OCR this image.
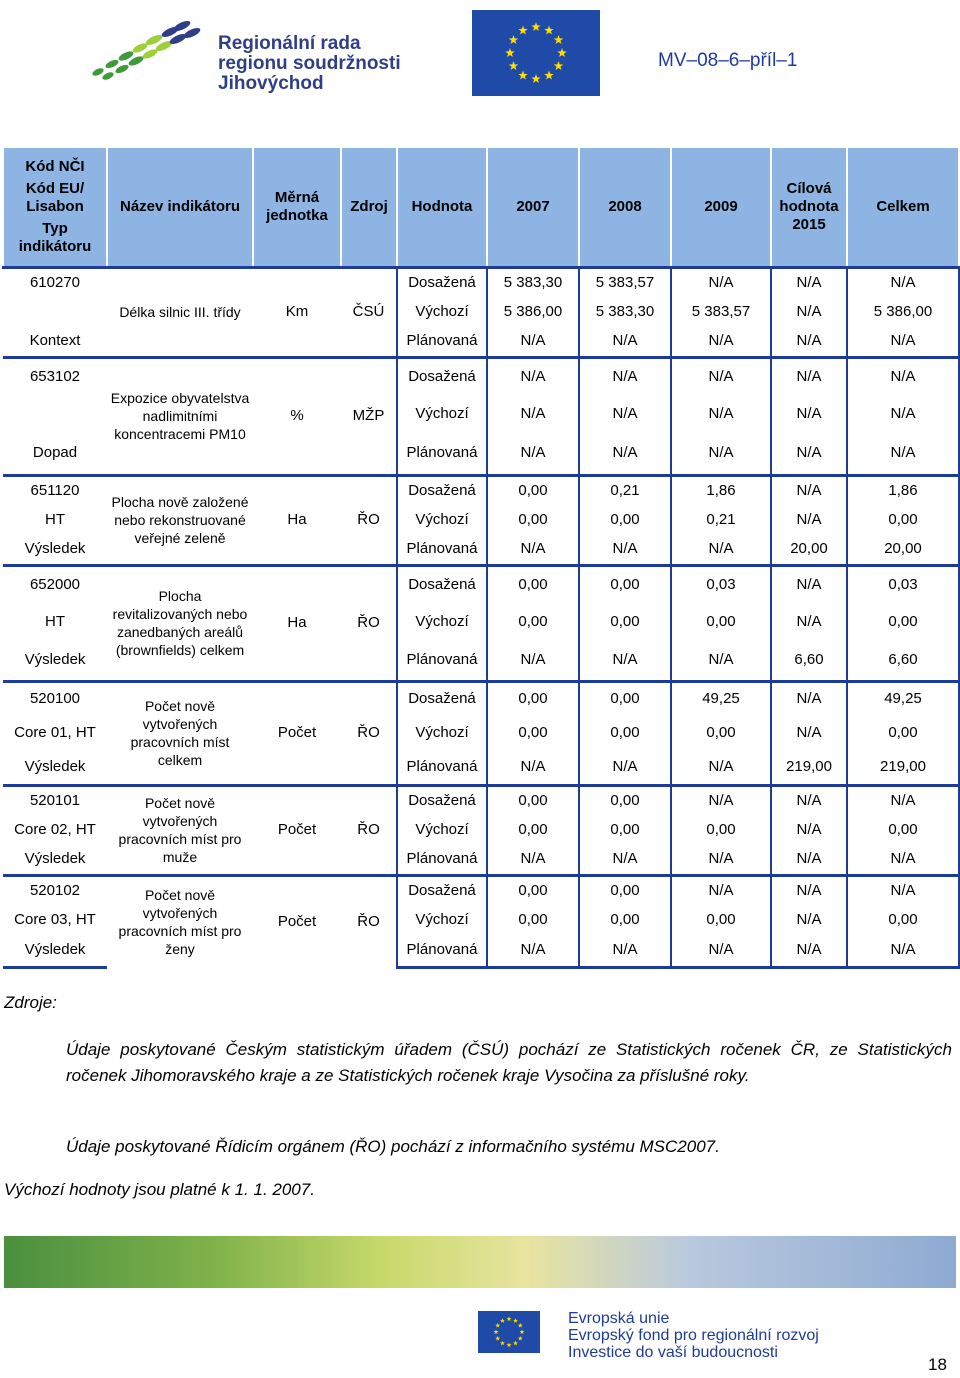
Regionální rada
regionu soudržnosti
Jihovýchod
MV–08–6–příl–1
Kód NČI
Kód EU/ Lisabon
Typ indikátoru	Název indikátoru	Měrná jednotka	Zdroj	Hodnota	2007	2008	2009	Cílová hodnota 2015	Celkem
610270	Délka silnic III. třídy	Km	ČSÚ	Dosažená	5 383,30	5 383,57	N/A	N/A	N/A
				Výchozí	5 386,00	5 383,30	5 383,57	N/A	5 386,00
Kontext				Plánovaná	N/A	N/A	N/A	N/A	N/A
653102	Expozice obyvatelstva nadlimitními koncentracemi PM10	%	MŽP	Dosažená	N/A	N/A	N/A	N/A	N/A
				Výchozí	N/A	N/A	N/A	N/A	N/A
Dopad				Plánovaná	N/A	N/A	N/A	N/A	N/A
651120	Plocha nově založené nebo rekonstruované veřejné zeleně	Ha	ŘO	Dosažená	0,00	0,21	1,86	N/A	1,86
HT				Výchozí	0,00	0,00	0,21	N/A	0,00
Výsledek				Plánovaná	N/A	N/A	N/A	20,00	20,00
652000	Plocha revitalizovaných nebo zanedbaných areálů (brownfields) celkem	Ha	ŘO	Dosažená	0,00	0,00	0,03	N/A	0,03
HT				Výchozí	0,00	0,00	0,00	N/A	0,00
Výsledek				Plánovaná	N/A	N/A	N/A	6,60	6,60
520100	Počet nově vytvořených pracovních míst celkem	Počet	ŘO	Dosažená	0,00	0,00	49,25	N/A	49,25
Core 01, HT				Výchozí	0,00	0,00	0,00	N/A	0,00
Výsledek				Plánovaná	N/A	N/A	N/A	219,00	219,00
520101	Počet nově vytvořených pracovních míst pro muže	Počet	ŘO	Dosažená	0,00	0,00	N/A	N/A	N/A
Core 02, HT				Výchozí	0,00	0,00	0,00	N/A	0,00
Výsledek				Plánovaná	N/A	N/A	N/A	N/A	N/A
520102	Počet nově vytvořených pracovních míst pro ženy	Počet	ŘO	Dosažená	0,00	0,00	N/A	N/A	N/A
Core 03, HT				Výchozí	0,00	0,00	0,00	N/A	0,00
Výsledek				Plánovaná	N/A	N/A	N/A	N/A	N/A
Zdroje:
Údaje poskytované Českým statistickým úřadem (ČSÚ) pochází ze Statistických ročenek ČR, ze Statistických ročenek Jihomoravského kraje a ze Statistických ročenek kraje Vysočina za příslušné roky.
Údaje poskytované Řídicím orgánem (ŘO) pochází z informačního systému MSC2007.
Výchozí hodnoty jsou platné k 1. 1. 2007.
Evropská unie
Evropský fond pro regionální rozvoj
Investice do vaší budoucnosti
18
